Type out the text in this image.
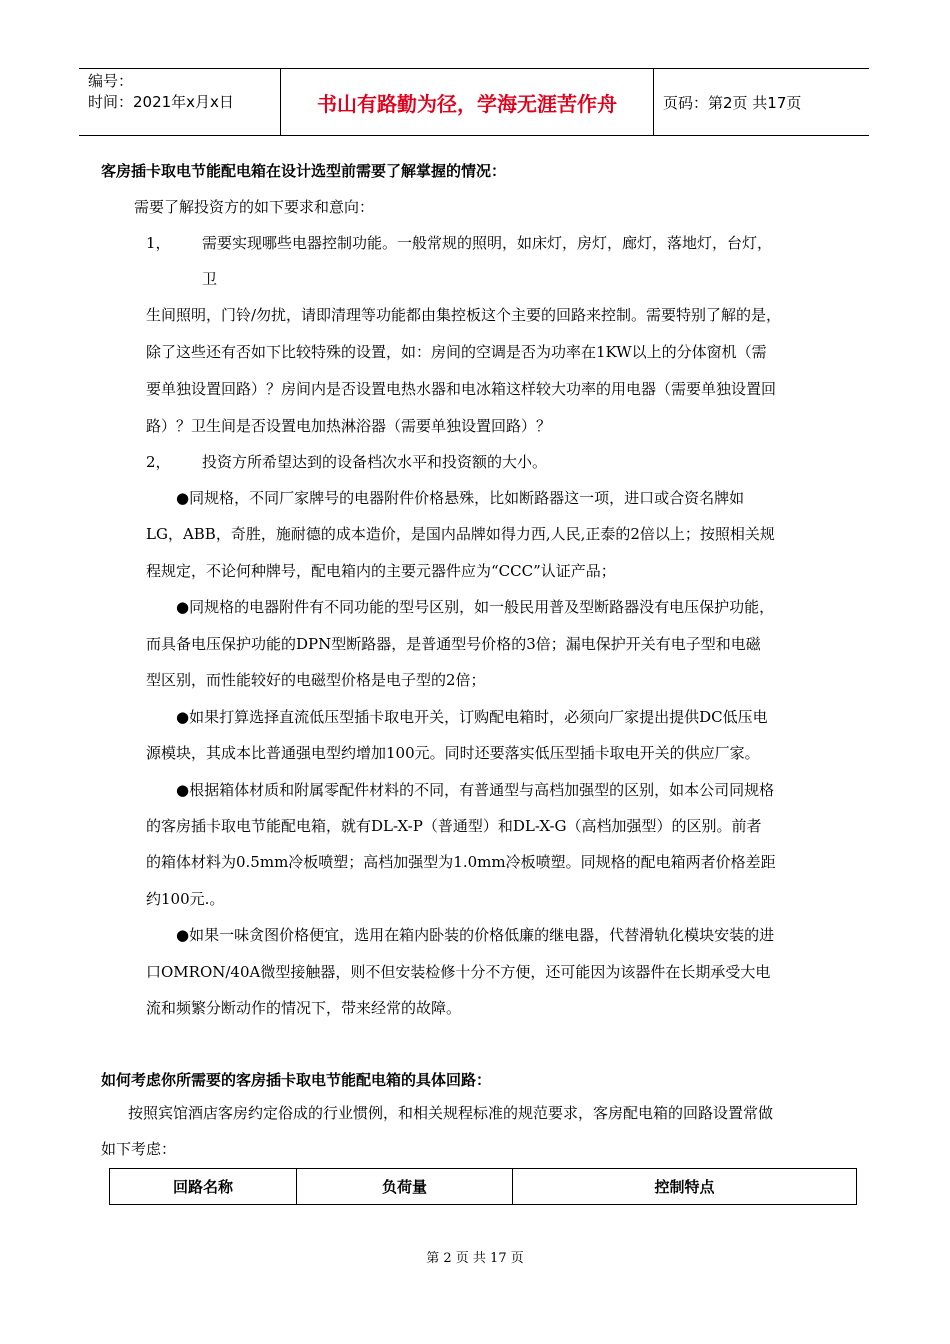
编号：
时间：2021年x月x日	书山有路勤为径，学海无涯苦作舟	页码：第2页 共17页
客房插卡取电节能配电箱在设计选型前需要了解掌握的情况：
需要了解投资方的如下要求和意向：
1， 需要实现哪些电器控制功能。一般常规的照明，如床灯，房灯，廊灯，落地灯，台灯，
卫
生间照明，门铃/勿扰，请即清理等功能都由集控板这个主要的回路来控制。需要特别了解的是，
除了这些还有否如下比较特殊的设置，如：房间的空调是否为功率在1KW以上的分体窗机（需
要单独设置回路）？房间内是否设置电热水器和电冰箱这样较大功率的用电器（需要单独设置回
路）？卫生间是否设置电加热淋浴器（需要单独设置回路）？
2， 投资方所希望达到的设备档次水平和投资额的大小。
●同规格，不同厂家牌号的电器附件价格悬殊，比如断路器这一项，进口或合资名牌如
LG，ABB，奇胜，施耐德的成本造价，是国内品牌如得力西,人民,正泰的2倍以上；按照相关规
程规定，不论何种牌号，配电箱内的主要元器件应为“CCC”认证产品；
●同规格的电器附件有不同功能的型号区别，如一般民用普及型断路器没有电压保护功能，
而具备电压保护功能的DPN型断路器，是普通型号价格的3倍；漏电保护开关有电子型和电磁
型区别，而性能较好的电磁型价格是电子型的2倍；
●如果打算选择直流低压型插卡取电开关，订购配电箱时，必须向厂家提出提供DC低压电
源模块，其成本比普通强电型约增加100元。同时还要落实低压型插卡取电开关的供应厂家。
●根据箱体材质和附属零配件材料的不同，有普通型与高档加强型的区别，如本公司同规格
的客房插卡取电节能配电箱，就有DL-X-P（普通型）和DL-X-G（高档加强型）的区别。前者
的箱体材料为0.5mm冷板喷塑；高档加强型为1.0mm冷板喷塑。同规格的配电箱两者价格差距
约100元.。
●如果一味贪图价格便宜，选用在箱内卧装的价格低廉的继电器，代替滑轨化模块安装的进
口OMRON/40A微型接触器，则不但安装检修十分不方便，还可能因为该器件在长期承受大电
流和频繁分断动作的情况下，带来经常的故障。
如何考虑你所需要的客房插卡取电节能配电箱的具体回路：
按照宾馆酒店客房约定俗成的行业惯例，和相关规程标准的规范要求，客房配电箱的回路设置常做
如下考虑：
回路名称	负荷量	控制特点
第 2 页 共 17 页
